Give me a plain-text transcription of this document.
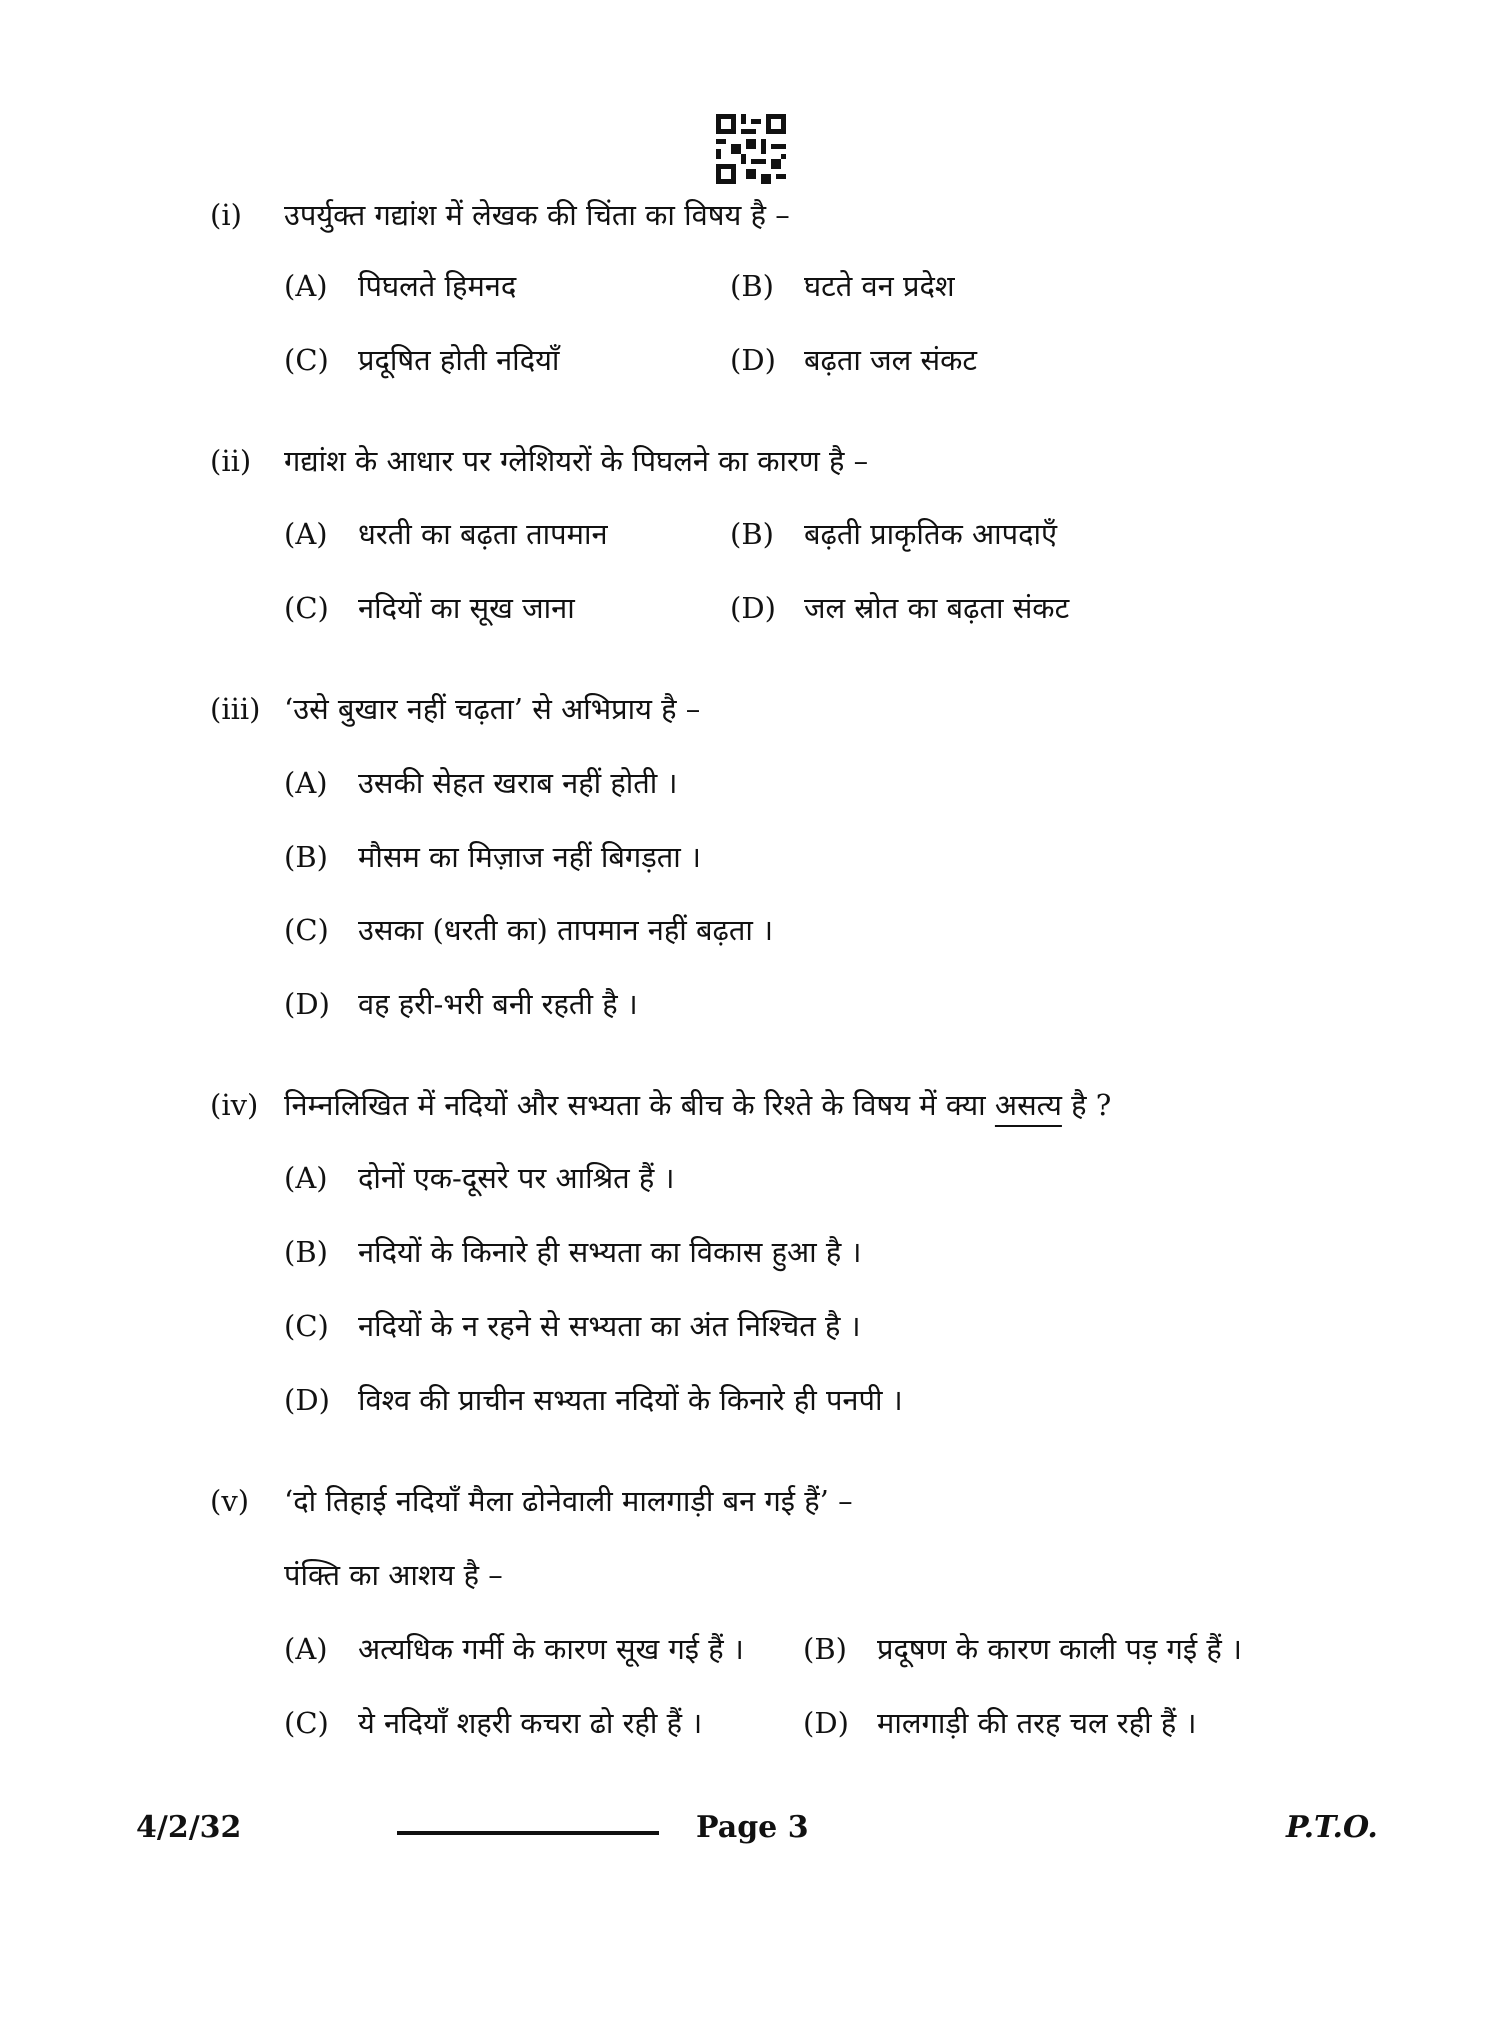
(i) उपर्युक्त गद्यांश में लेखक की चिंता का विषय है –
(A) पिघलते हिमनद	(B) घटते वन प्रदेश
(C) प्रदूषित होती नदियाँ	(D) बढ़ता जल संकट
(ii) गद्यांश के आधार पर ग्लेशियरों के पिघलने का कारण है –
(A) धरती का बढ़ता तापमान	(B) बढ़ती प्राकृतिक आपदाएँ
(C) नदियों का सूख जाना	(D) जल स्रोत का बढ़ता संकट
(iii) ‘उसे बुखार नहीं चढ़ता’ से अभिप्राय है –
(A) उसकी सेहत खराब नहीं होती ।
(B) मौसम का मिज़ाज नहीं बिगड़ता ।
(C) उसका (धरती का) तापमान नहीं बढ़ता ।
(D) वह हरी-भरी बनी रहती है ।
(iv) निम्नलिखित में नदियों और सभ्यता के बीच के रिश्ते के विषय में क्या असत्य है ?
(A) दोनों एक-दूसरे पर आश्रित हैं ।
(B) नदियों के किनारे ही सभ्यता का विकास हुआ है ।
(C) नदियों के न रहने से सभ्यता का अंत निश्चित है ।
(D) विश्व की प्राचीन सभ्यता नदियों के किनारे ही पनपी ।
(v) ‘दो तिहाई नदियाँ मैला ढोनेवाली मालगाड़ी बन गई हैं’ –
पंक्ति का आशय है –
(A) अत्यधिक गर्मी के कारण सूख गई हैं । (B) प्रदूषण के कारण काली पड़ गई हैं ।
(C) ये नदियाँ शहरी कचरा ढो रही हैं ।	(D) मालगाड़ी की तरह चल रही हैं ।
4/2/32	Page 3	P.T.O.
